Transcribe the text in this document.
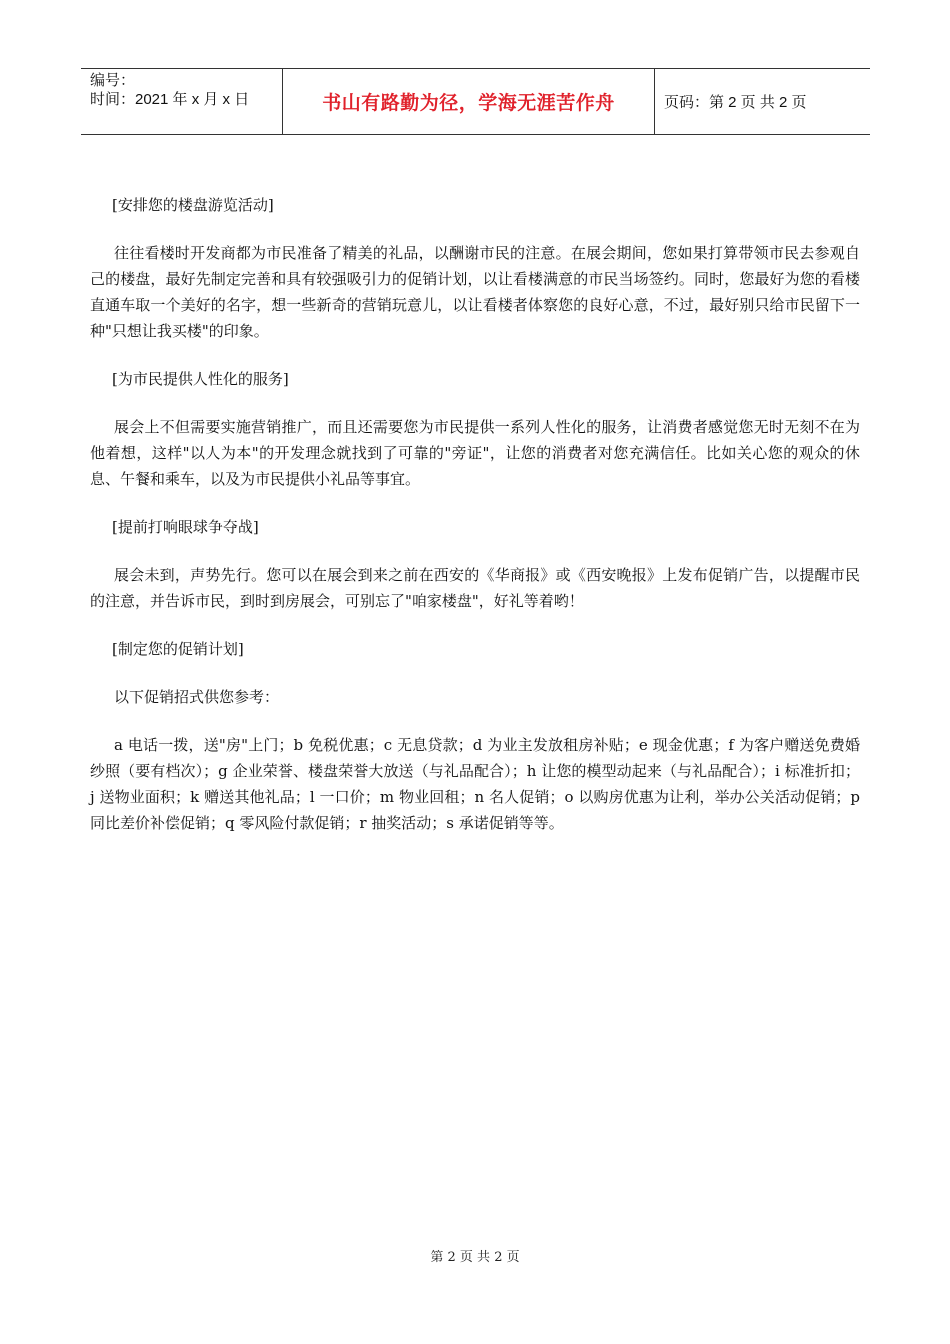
编号：
时间：2021 年 x 月 x 日	书山有路勤为径，学海无涯苦作舟	页码：第 2 页 共 2 页
[安排您的楼盘游览活动]
往往看楼时开发商都为市民准备了精美的礼品，以酬谢市民的注意。在展会期间，您如果打算带领市民去参观自己的楼盘，最好先制定完善和具有较强吸引力的促销计划，以让看楼满意的市民当场签约。同时，您最好为您的看楼直通车取一个美好的名字，想一些新奇的营销玩意儿，以让看楼者体察您的良好心意，不过，最好别只给市民留下一种"只想让我买楼"的印象。
[为市民提供人性化的服务]
展会上不但需要实施营销推广，而且还需要您为市民提供一系列人性化的服务，让消费者感觉您无时无刻不在为他着想，这样"以人为本"的开发理念就找到了可靠的"旁证"，让您的消费者对您充满信任。比如关心您的观众的休息、午餐和乘车，以及为市民提供小礼品等事宜。
[提前打响眼球争夺战]
展会未到，声势先行。您可以在展会到来之前在西安的《华商报》或《西安晚报》上发布促销广告，以提醒市民的注意，并告诉市民，到时到房展会，可别忘了"咱家楼盘"，好礼等着哟！
[制定您的促销计划]
以下促销招式供您参考：
a 电话一拨，送"房"上门；b 免税优惠；c 无息贷款；d 为业主发放租房补贴；e 现金优惠；f 为客户赠送免费婚纱照（要有档次）；g 企业荣誉、楼盘荣誉大放送（与礼品配合）；h 让您的模型动起来（与礼品配合）；i 标准折扣；j 送物业面积；k 赠送其他礼品；l 一口价；m 物业回租；n 名人促销；o 以购房优惠为让利，举办公关活动促销；p 同比差价补偿促销；q 零风险付款促销；r 抽奖活动；s 承诺促销等等。
第 2 页 共 2 页
